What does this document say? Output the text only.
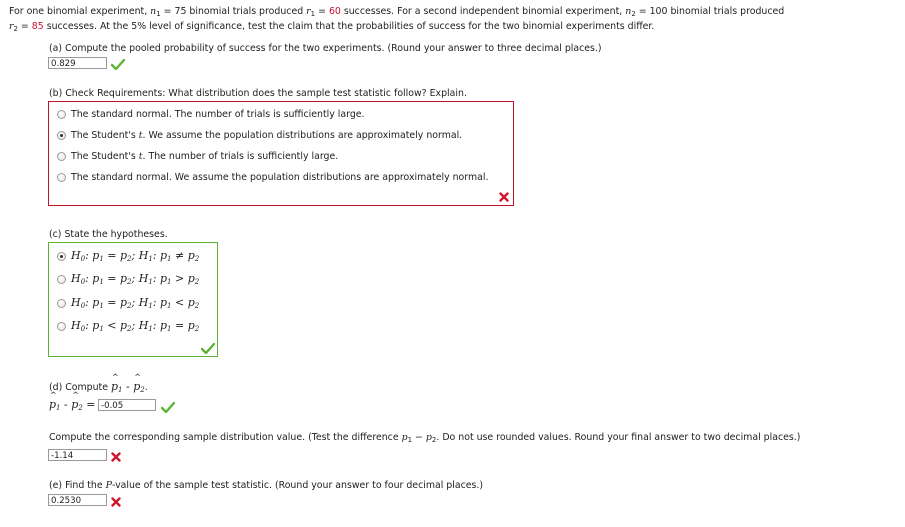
For one binomial experiment, $n_1 = 75$ binomial trials produced $r_1 = 60$ successes. For a second independent binomial experiment, $n_2 = 100$ binomial trials produced
$r_2 = 85$ successes. At the 5% level of significance, test the claim that the probabilities of success for the two binomial experiments differ.
(a) Compute the pooled probability of success for the two experiments. (Round your answer to three decimal places.)
0.829
(b) Check Requirements: What distribution does the sample test statistic follow? Explain.
The standard normal. The number of trials is sufficiently large.
The Student's t. We assume the population distributions are approximately normal.
The Student's t. The number of trials is sufficiently large.
The standard normal. We assume the population distributions are approximately normal.
(c) State the hypotheses.
$H_0$: $p_1 = p_2$; $H_1$: $p_1 \ne p_2$
$H_0$: $p_1 = p_2$; $H_1$: $p_1 > p_2$
$H_0$: $p_1 = p_2$; $H_1$: $p_1 < p_2$
$H_0$: $p_1 < p_2$; $H_1$: $p_1 = p_2$
(d) Compute p
^
$_1$ - p
^
$_2$.
p
^
$_1$ - p
^
$_2$ = -0.05
Compute the corresponding sample distribution value. (Test the difference $p_1 - p_2$. Do not use rounded values. Round your final answer to two decimal places.)
-1.14
(e) Find the P-value of the sample test statistic. (Round your answer to four decimal places.)
0.2530
